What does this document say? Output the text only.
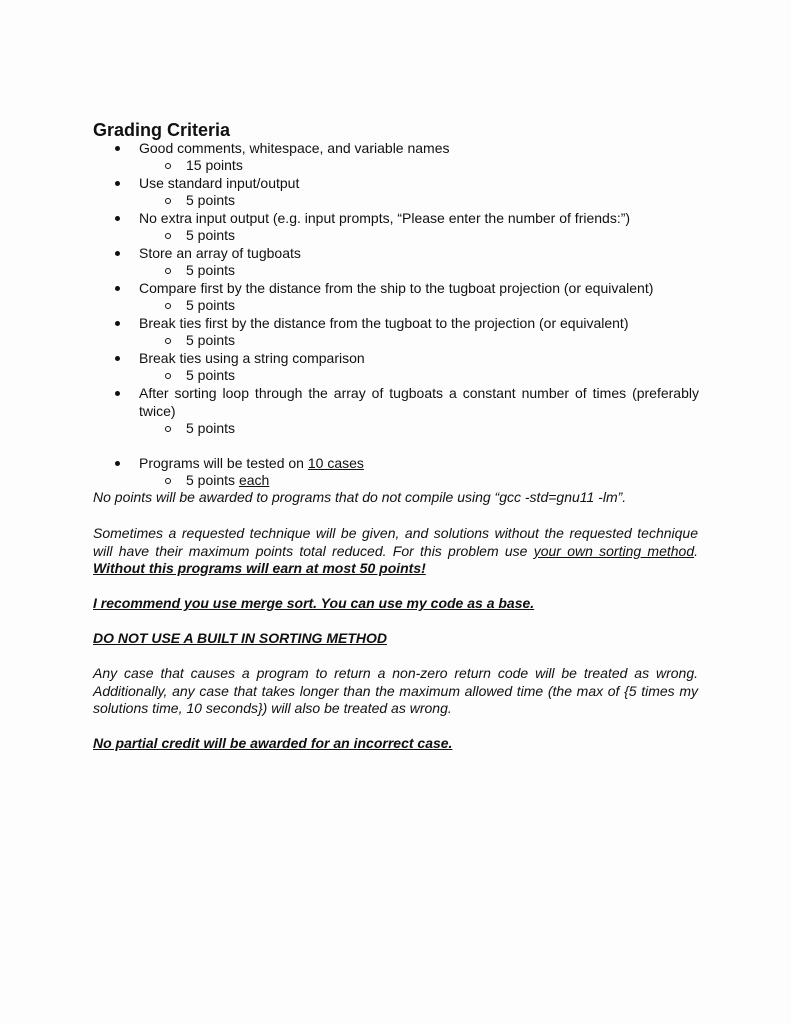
Grading Criteria
Good comments, whitespace, and variable names
15 points
Use standard input/output
5 points
No extra input output (e.g. input prompts, “Please enter the number of friends:”)
5 points
Store an array of tugboats
5 points
Compare first by the distance from the ship to the tugboat projection (or equivalent)
5 points
Break ties first by the distance from the tugboat to the projection (or equivalent)
5 points
Break ties using a string comparison
5 points
After sorting loop through the array of tugboats a constant number of times (preferably twice)
5 points
Programs will be tested on 10 cases
5 points each

No points will be awarded to programs that do not compile using “gcc -std=gnu11 -lm”.

Sometimes a requested technique will be given, and solutions without the requested technique will have their maximum points total reduced. For this problem use your own sorting method. Without this programs will earn at most 50 points!

I recommend you use merge sort. You can use my code as a base.

DO NOT USE A BUILT IN SORTING METHOD

Any case that causes a program to return a non-zero return code will be treated as wrong. Additionally, any case that takes longer than the maximum allowed time (the max of {5 times my solutions time, 10 seconds}) will also be treated as wrong.

No partial credit will be awarded for an incorrect case.
